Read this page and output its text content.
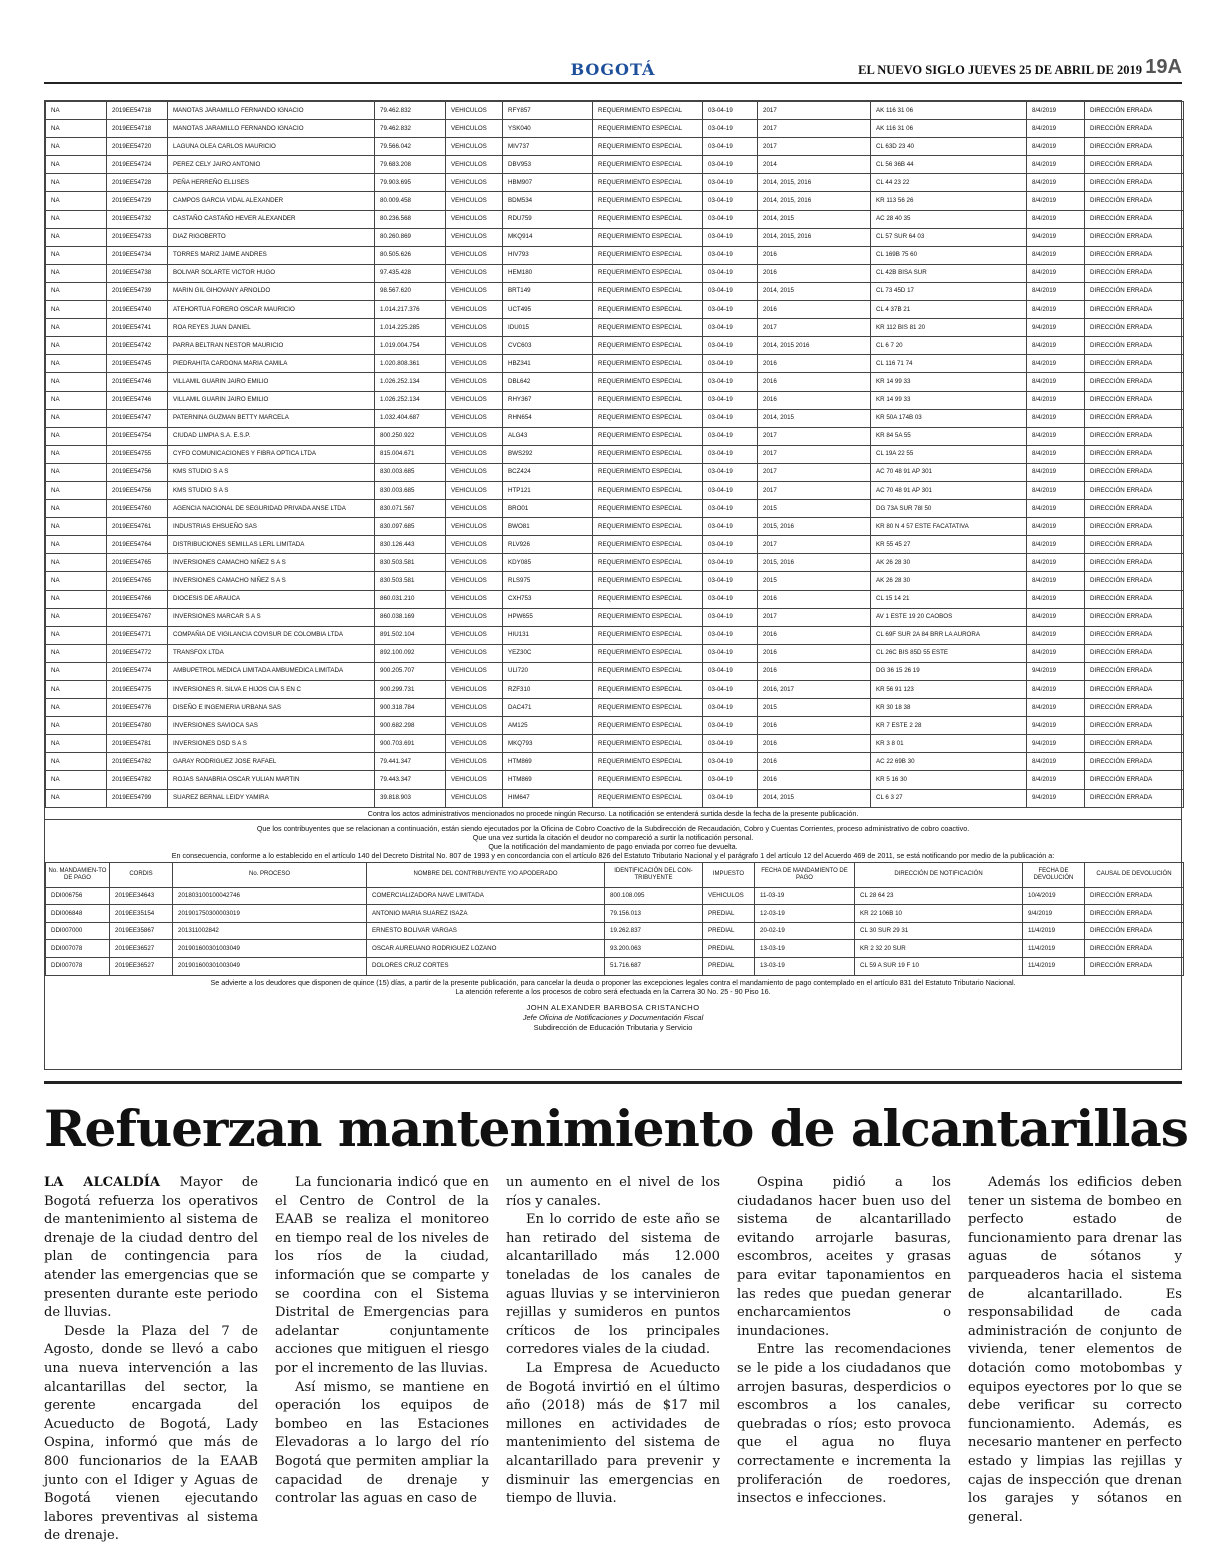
BOGOTÁ	EL NUEVO SIGLO JUEVES 25 DE ABRIL DE 2019 19A
NA	2019EE54718	MANOTAS JARAMILLO FERNANDO IGNACIO	79.462.832	VEHICULOS	RFY857	REQUERIMIENTO ESPECIAL	03-04-19	2017	AK 116 31 06	8/4/2019	DIRECCIÓN ERRADA
NA	2019EE54718	MANOTAS JARAMILLO FERNANDO IGNACIO	79.462.832	VEHICULOS	YSK040	REQUERIMIENTO ESPECIAL	03-04-19	2017	AK 116 31 06	8/4/2019	DIRECCIÓN ERRADA
NA	2019EE54720	LAGUNA OLEA CARLOS MAURICIO	79.566.042	VEHICULOS	MIV737	REQUERIMIENTO ESPECIAL	03-04-19	2017	CL 63D 23 40	8/4/2019	DIRECCIÓN ERRADA
NA	2019EE54724	PEREZ CELY JAIRO ANTONIO	79.683.208	VEHICULOS	DBV953	REQUERIMIENTO ESPECIAL	03-04-19	2014	CL 56 36B 44	8/4/2019	DIRECCIÓN ERRADA
NA	2019EE54728	PEÑA HERREÑO ELLISES	79.903.695	VEHICULOS	HBM907	REQUERIMIENTO ESPECIAL	03-04-19	2014, 2015, 2016	CL 44 23 22	8/4/2019	DIRECCIÓN ERRADA
NA	2019EE54729	CAMPOS GARCIA VIDAL ALEXANDER	80.009.458	VEHICULOS	BDM534	REQUERIMIENTO ESPECIAL	03-04-19	2014, 2015, 2016	KR 113 56 26	8/4/2019	DIRECCIÓN ERRADA
NA	2019EE54732	CASTAÑO CASTAÑO HEVER ALEXANDER	80.236.568	VEHICULOS	RDU759	REQUERIMIENTO ESPECIAL	03-04-19	2014, 2015	AC 28 40 35	8/4/2019	DIRECCIÓN ERRADA
NA	2019EE54733	DIAZ RIGOBERTO	80.260.869	VEHICULOS	MKQ914	REQUERIMIENTO ESPECIAL	03-04-19	2014, 2015, 2016	CL 57 SUR 64 03	9/4/2019	DIRECCIÓN ERRADA
NA	2019EE54734	TORRES MARIZ JAIME ANDRES	80.505.626	VEHICULOS	HIV793	REQUERIMIENTO ESPECIAL	03-04-19	2016	CL 169B 75 60	8/4/2019	DIRECCIÓN ERRADA
NA	2019EE54738	BOLIVAR SOLARTE VICTOR HUGO	97.435.428	VEHICULOS	HEM180	REQUERIMIENTO ESPECIAL	03-04-19	2016	CL 42B BISA SUR	8/4/2019	DIRECCIÓN ERRADA
NA	2019EE54739	MARIN GIL GIHOVANY ARNOLDO	98.567.620	VEHICULOS	BRT149	REQUERIMIENTO ESPECIAL	03-04-19	2014, 2015	CL 73 45D 17	8/4/2019	DIRECCIÓN ERRADA
NA	2019EE54740	ATEHORTUA FORERO OSCAR MAURICIO	1.014.217.376	VEHICULOS	UCT495	REQUERIMIENTO ESPECIAL	03-04-19	2016	CL 4 37B 21	8/4/2019	DIRECCIÓN ERRADA
NA	2019EE54741	ROA REYES JUAN DANIEL	1.014.225.285	VEHICULOS	IDU015	REQUERIMIENTO ESPECIAL	03-04-19	2017	KR 112 BIS 81 20	9/4/2019	DIRECCIÓN ERRADA
NA	2019EE54742	PARRA BELTRAN NESTOR MAURICIO	1.019.004.754	VEHICULOS	CVC603	REQUERIMIENTO ESPECIAL	03-04-19	2014, 2015 2016	CL 6 7 20	8/4/2019	DIRECCIÓN ERRADA
NA	2019EE54745	PIEDRAHITA CARDONA MARIA CAMILA	1.020.808.361	VEHICULOS	HBZ341	REQUERIMIENTO ESPECIAL	03-04-19	2016	CL 116 71 74	8/4/2019	DIRECCIÓN ERRADA
NA	2019EE54746	VILLAMIL GUARIN JAIRO EMILIO	1.026.252.134	VEHICULOS	DBL642	REQUERIMIENTO ESPECIAL	03-04-19	2016	KR 14 99 33	8/4/2019	DIRECCIÓN ERRADA
NA	2019EE54746	VILLAMIL GUARIN JAIRO EMILIO	1.026.252.134	VEHICULOS	RHY367	REQUERIMIENTO ESPECIAL	03-04-19	2016	KR 14 99 33	8/4/2019	DIRECCIÓN ERRADA
NA	2019EE54747	PATERNINA GUZMAN BETTY MARCELA	1.032.404.687	VEHICULOS	RHN654	REQUERIMIENTO ESPECIAL	03-04-19	2014, 2015	KR 50A 174B 03	8/4/2019	DIRECCIÓN ERRADA
NA	2019EE54754	CIUDAD LIMPIA S.A. E.S.P.	800.250.922	VEHICULOS	ALG43	REQUERIMIENTO ESPECIAL	03-04-19	2017	KR 84 5A 55	8/4/2019	DIRECCIÓN ERRADA
NA	2019EE54755	CYFO COMUNICACIONES Y FIBRA OPTICA LTDA	815.004.671	VEHICULOS	BWS292	REQUERIMIENTO ESPECIAL	03-04-19	2017	CL 19A 22 55	8/4/2019	DIRECCIÓN ERRADA
NA	2019EE54756	KMS STUDIO S A S	830.003.685	VEHICULOS	BCZ424	REQUERIMIENTO ESPECIAL	03-04-19	2017	AC 70 48 91 AP 301	8/4/2019	DIRECCIÓN ERRADA
NA	2019EE54756	KMS STUDIO S A S	830.003.685	VEHICULOS	HTP121	REQUERIMIENTO ESPECIAL	03-04-19	2017	AC 70 48 91 AP 301	8/4/2019	DIRECCIÓN ERRADA
NA	2019EE54760	AGENCIA NACIONAL DE SEGURIDAD PRIVADA ANSE LTDA	830.071.567	VEHICULOS	BRO01	REQUERIMIENTO ESPECIAL	03-04-19	2015	DG 73A SUR 78I 50	8/4/2019	DIRECCIÓN ERRADA
NA	2019EE54761	INDUSTRIAS EHSUEÑO SAS	830.097.685	VEHICULOS	BWO81	REQUERIMIENTO ESPECIAL	03-04-19	2015, 2016	KR 80 N 4 57 ESTE FACATATIVA	8/4/2019	DIRECCIÓN ERRADA
NA	2019EE54764	DISTRIBUCIONES SEMILLAS LERL LIMITADA	830.126.443	VEHICULOS	RLV926	REQUERIMIENTO ESPECIAL	03-04-19	2017	KR 55 45 27	8/4/2019	DIRECCIÓN ERRADA
NA	2019EE54765	INVERSIONES CAMACHO NIÑEZ S A S	830.503.581	VEHICULOS	KDY085	REQUERIMIENTO ESPECIAL	03-04-19	2015, 2016	AK 26 28 30	8/4/2019	DIRECCIÓN ERRADA
NA	2019EE54765	INVERSIONES CAMACHO NIÑEZ S A S	830.503.581	VEHICULOS	RLS975	REQUERIMIENTO ESPECIAL	03-04-19	2015	AK 26 28 30	8/4/2019	DIRECCIÓN ERRADA
NA	2019EE54766	DIOCESIS DE ARAUCA	860.031.210	VEHICULOS	CXH753	REQUERIMIENTO ESPECIAL	03-04-19	2016	CL 15 14 21	8/4/2019	DIRECCIÓN ERRADA
NA	2019EE54767	INVERSIONES MARCAR S A S	860.038.169	VEHICULOS	HPW655	REQUERIMIENTO ESPECIAL	03-04-19	2017	AV 1 ESTE 19 20 CAOBOS	8/4/2019	DIRECCIÓN ERRADA
NA	2019EE54771	COMPAÑIA DE VIGILANCIA COVISUR DE COLOMBIA LTDA	891.502.104	VEHICULOS	HIU131	REQUERIMIENTO ESPECIAL	03-04-19	2016	CL 69F SUR 2A 84 BRR LA AURORA	8/4/2019	DIRECCIÓN ERRADA
NA	2019EE54772	TRANSFOX LTDA	892.100.092	VEHICULOS	YEZ30C	REQUERIMIENTO ESPECIAL	03-04-19	2016	CL 26C BIS 85D 55 ESTE	8/4/2019	DIRECCIÓN ERRADA
NA	2019EE54774	AMBUPETROL MEDICA LIMITADA AMBUMEDICA LIMITADA	900.205.707	VEHICULOS	ULI720	REQUERIMIENTO ESPECIAL	03-04-19	2016	DG 36 15 26 19	9/4/2019	DIRECCIÓN ERRADA
NA	2019EE54775	INVERSIONES R. SILVA E HIJOS CIA S EN C	900.299.731	VEHICULOS	RZF310	REQUERIMIENTO ESPECIAL	03-04-19	2016, 2017	KR 56 91 123	8/4/2019	DIRECCIÓN ERRADA
NA	2019EE54776	DISEÑO E INGENIERIA URBANA SAS	900.318.784	VEHICULOS	DAC471	REQUERIMIENTO ESPECIAL	03-04-19	2015	KR 30 18 38	8/4/2019	DIRECCIÓN ERRADA
NA	2019EE54780	INVERSIONES SAVIOCA SAS	900.682.298	VEHICULOS	AM125	REQUERIMIENTO ESPECIAL	03-04-19	2016	KR 7 ESTE 2 28	9/4/2019	DIRECCIÓN ERRADA
NA	2019EE54781	INVERSIONES DSD S A S	900.703.691	VEHICULOS	MKQ793	REQUERIMIENTO ESPECIAL	03-04-19	2016	KR 3 8 01	9/4/2019	DIRECCIÓN ERRADA
NA	2019EE54782	GARAY RODRIGUEZ JOSE RAFAEL	79.441.347	VEHICULOS	HTM869	REQUERIMIENTO ESPECIAL	03-04-19	2016	AC 22 69B 30	8/4/2019	DIRECCIÓN ERRADA
NA	2019EE54782	ROJAS SANABRIA OSCAR YULIAN MARTIN	79.443.347	VEHICULOS	HTM869	REQUERIMIENTO ESPECIAL	03-04-19	2016	KR 5 16 30	8/4/2019	DIRECCIÓN ERRADA
NA	2019EE54799	SUAREZ BERNAL LEIDY YAMIRA	39.818.903	VEHICULOS	HIM647	REQUERIMIENTO ESPECIAL	03-04-19	2014, 2015	CL 6 3 27	9/4/2019	DIRECCIÓN ERRADA
Contra los actos administrativos mencionados no procede ningún Recurso. La notificación se entenderá surtida desde la fecha de la presente publicación.
Que los contribuyentes que se relacionan a continuación, están siendo ejecutados por la Oficina de Cobro Coactivo de la Subdirección de Recaudación, Cobro y Cuentas Corrientes, proceso administrativo de cobro coactivo.
Que una vez surtida la citación el deudor no compareció a surtir la notificación personal.
Que la notificación del mandamiento de pago enviada por correo fue devuelta.
En consecuencia, conforme a lo establecido en el artículo 140 del Decreto Distrital No. 807 de 1993 y en concordancia con el artículo 826 del Estatuto Tributario Nacional y el parágrafo 1 del artículo 12 del Acuerdo 469 de 2011, se está notificando por medio de la publicación a:
No. MANDAMIEN-TO DE PAGO	CORDIS	No. PROCESO	NOMBRE DEL CONTRIBUYENTE Y/O APODERADO	IDENTIFICACIÓN DEL CON-TRIBUYENTE	IMPUESTO	FECHA DE MANDAMIENTO DE PAGO	DIRECCIÓN DE NOTIFICACIÓN	FECHA DE DEVOLUCIÓN	CAUSAL DE DEVOLUCIÓN
DDI006756	2019EE34643	201803100100042746	COMERCIALIZADORA NAVE LIMITADA	800.108.095	VEHICULOS	11-03-19	CL 28 64 23	10/4/2019	DIRECCIÓN ERRADA
DDI006848	2019EE35154	201901750300003019	ANTONIO MARIA SUAREZ ISAZA	79.156.013	PREDIAL	12-03-19	KR 22 106B 10	9/4/2019	DIRECCIÓN ERRADA
DDI007000	2019EE35867	201311002842	ERNESTO BOLIVAR VARGAS	19.262.837	PREDIAL	20-02-19	CL 30 SUR 29 31	11/4/2019	DIRECCIÓN ERRADA
DDI007078	2019EE36527	201901600301003049	OSCAR AUREUANO RODRIGUEZ LOZANO	93.200.063	PREDIAL	13-03-19	KR 2 32 20 SUR	11/4/2019	DIRECCIÓN ERRADA
DDI007078	2019EE36527	201901600301003049	DOLORES CRUZ CORTES	51.716.687	PREDIAL	13-03-19	CL 59 A SUR 19 F 10	11/4/2019	DIRECCIÓN ERRADA
Se advierte a los deudores que disponen de quince (15) días, a partir de la presente publicación, para cancelar la deuda o proponer las excepciones legales contra el mandamiento de pago contemplado en el artículo 831 del Estatuto Tributario Nacional.
La atención referente a los procesos de cobro será efectuada en la Carrera 30 No. 25 - 90 Piso 16.
JOHN ALEXANDER BARBOSA CRISTANCHO
Jefe Oficina de Notificaciones y Documentación Fiscal
Subdirección de Educación Tributaria y Servicio
Refuerzan mantenimiento de alcantarillas

LA ALCALDÍA Mayor de Bogotá refuerza los operativos de mantenimiento al sistema de drenaje de la ciudad dentro del plan de contingencia para atender las emergencias que se presenten durante este periodo de lluvias.

Desde la Plaza del 7 de Agosto, donde se llevó a cabo una nueva intervención a las alcantarillas del sector, la gerente encargada del Acueducto de Bogotá, Lady Ospina, informó que más de 800 funcionarios de la EAAB junto con el Idiger y Aguas de Bogotá vienen ejecutando labores preventivas al sistema de drenaje.

La funcionaria indicó que en el Centro de Control de la EAAB se realiza el monitoreo en tiempo real de los niveles de los ríos de la ciudad, información que se comparte y se coordina con el Sistema Distrital de Emergencias para adelantar conjuntamente acciones que mitiguen el riesgo por el incremento de las lluvias.

Así mismo, se mantiene en operación los equipos de bombeo en las Estaciones Elevadoras a lo largo del río Bogotá que permiten ampliar la capacidad de drenaje y controlar las aguas en caso de

un aumento en el nivel de los ríos y canales.

En lo corrido de este año se han retirado del sistema de alcantarillado más 12.000 toneladas de los canales de aguas lluvias y se intervinieron rejillas y sumideros en puntos críticos de los principales corredores viales de la ciudad.

La Empresa de Acueducto de Bogotá invirtió en el último año (2018) más de $17 mil millones en actividades de mantenimiento del sistema de alcantarillado para prevenir y disminuir las emergencias en tiempo de lluvia.

Ospina pidió a los ciudadanos hacer buen uso del sistema de alcantarillado evitando arrojarle basuras, escombros, aceites y grasas para evitar taponamientos en las redes que puedan generar encharcamientos o inundaciones.

Entre las recomendaciones se le pide a los ciudadanos que arrojen basuras, desperdicios o escombros a los canales, quebradas o ríos; esto provoca que el agua no fluya correctamente e incrementa la proliferación de roedores, insectos e infecciones.

Además los edificios deben tener un sistema de bombeo en perfecto estado de funcionamiento para drenar las aguas de sótanos y parqueaderos hacia el sistema de alcantarillado. Es responsabilidad de cada administración de conjunto de vivienda, tener elementos de dotación como motobombas y equipos eyectores por lo que se debe verificar su correcto funcionamiento. Además, es necesario mantener en perfecto estado y limpias las rejillas y cajas de inspección que drenan los garajes y sótanos en general.
